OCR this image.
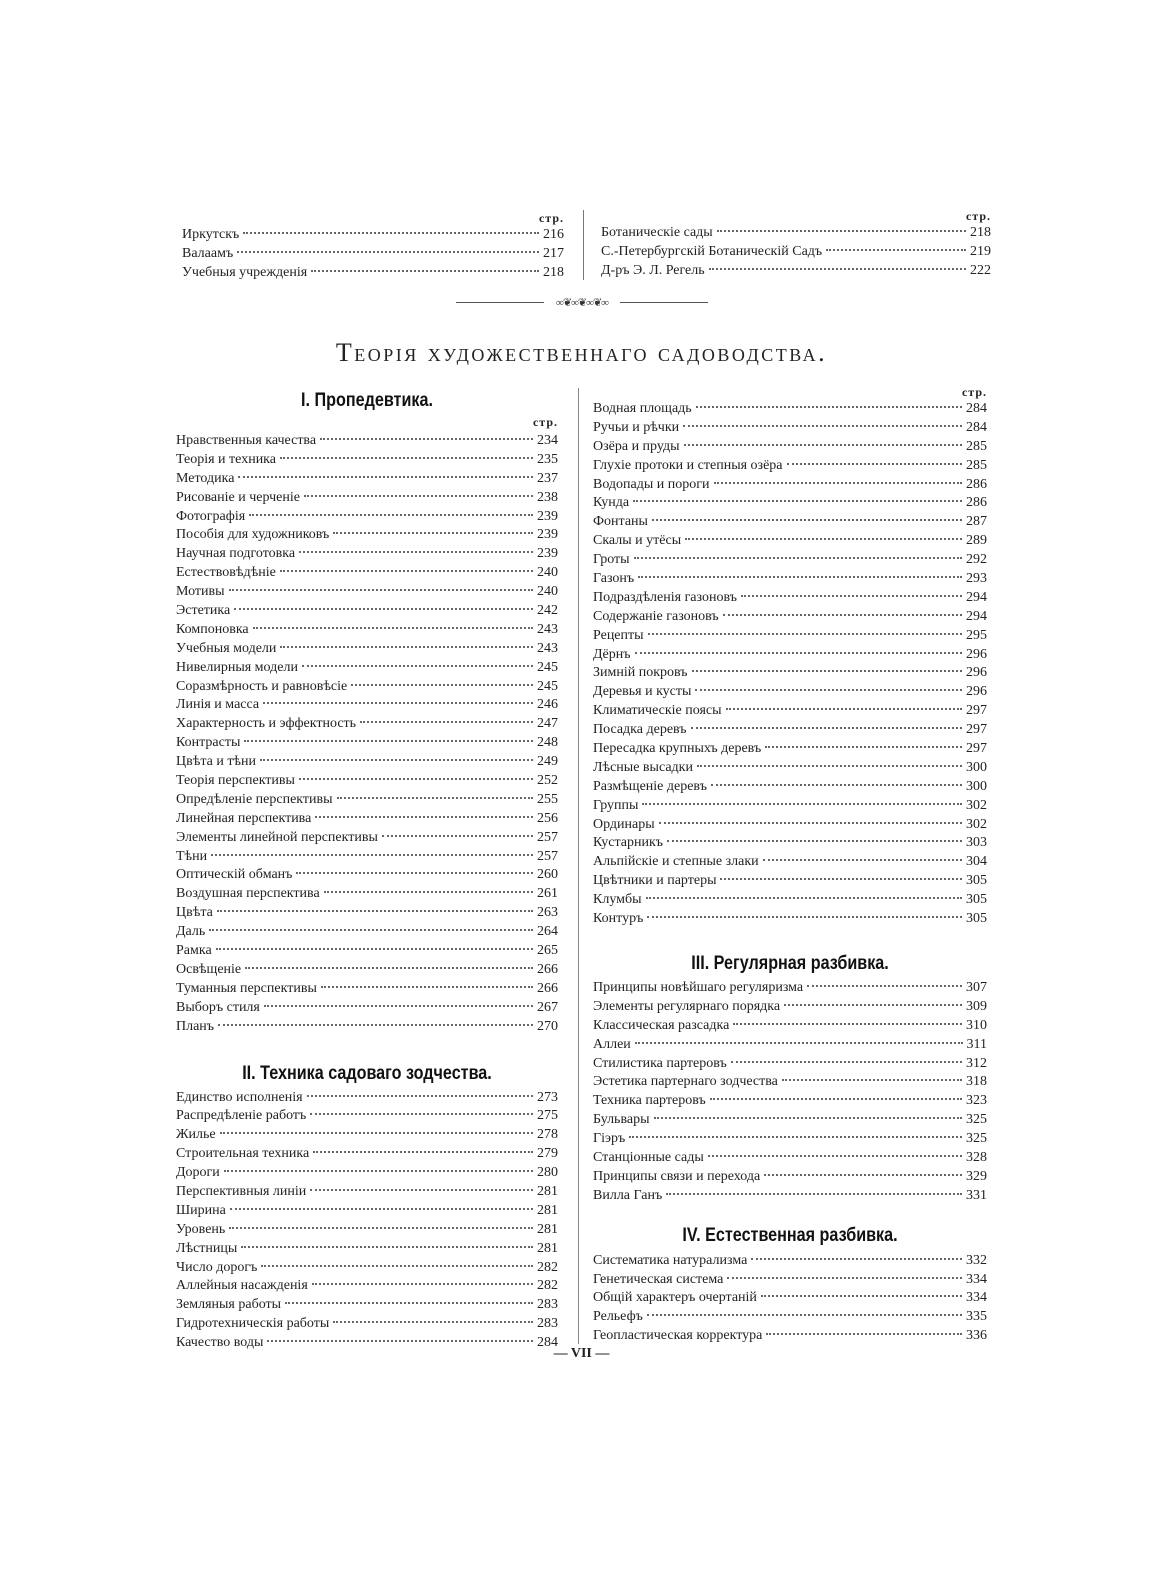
стр.
Иркутскъ	216
Валаамъ	217
Учебныя учрежденія	218
стр.
Ботаническіе сады	218
С.-Петербургскій Ботаническій Садъ	219
Д-ръ Э. Л. Регель	222
∞❦∞❦∞❦∞
Теорія художественнаго садоводства.
I. Пропедевтика.
стр.
Нравственныя качества	234
Теорія и техника	235
Методика	237
Рисованіе и черченіе	238
Фотографія	239
Пособія для художниковъ	239
Научная подготовка	239
Естествовѣдѣніе	240
Мотивы	240
Эстетика	242
Компоновка	243
Учебныя модели	243
Нивелирныя модели	245
Соразмѣрность и равновѣсіе	245
Линія и масса	246
Характерность и эффектность	247
Контрасты	248
Цвѣта и тѣни	249
Теорія перспективы	252
Опредѣленіе перспективы	255
Линейная перспектива	256
Элементы линейной перспективы	257
Тѣни	257
Оптическій обманъ	260
Воздушная перспектива	261
Цвѣта	263
Даль	264
Рамка	265
Освѣщеніе	266
Туманныя перспективы	266
Выборъ стиля	267
Планъ	270
II. Техника садоваго зодчества.
Единство исполненія	273
Распредѣленіе работъ	275
Жилье	278
Строительная техника	279
Дороги	280
Перспективныя линіи	281
Ширина	281
Уровень	281
Лѣстницы	281
Число дорогъ	282
Аллейныя насажденія	282
Земляныя работы	283
Гидротехническія работы	283
Качество воды	284
стр.
Водная площадь	284
Ручьи и рѣчки	284
Озёра и пруды	285
Глухіе протоки и степныя озёра	285
Водопады и пороги	286
Кунда	286
Фонтаны	287
Скалы и утёсы	289
Гроты	292
Газонъ	293
Подраздѣленія газоновъ	294
Содержаніе газоновъ	294
Рецепты	295
Дёрнъ	296
Зимній покровъ	296
Деревья и кусты	296
Климатическіе поясы	297
Посадка деревъ	297
Пересадка крупныхъ деревъ	297
Лѣсные высадки	300
Размѣщеніе деревъ	300
Группы	302
Ординары	302
Кустарникъ	303
Альпійскіе и степные злаки	304
Цвѣтники и партеры	305
Клумбы	305
Контуръ	305
III. Регулярная разбивка.
Принципы новѣйшаго регуляризма	307
Элементы регулярнаго порядка	309
Классическая разсадка	310
Аллеи	311
Стилистика партеровъ	312
Эстетика партернаго зодчества	318
Техника партеровъ	323
Бульвары	325
Гіэръ	325
Станціонные сады	328
Принципы связи и перехода	329
Вилла Ганъ	331
IV. Естественная разбивка.
Систематика натурализма	332
Генетическая система	334
Общій характеръ очертаній	334
Рельефъ	335
Геопластическая корректура	336
— VII —
